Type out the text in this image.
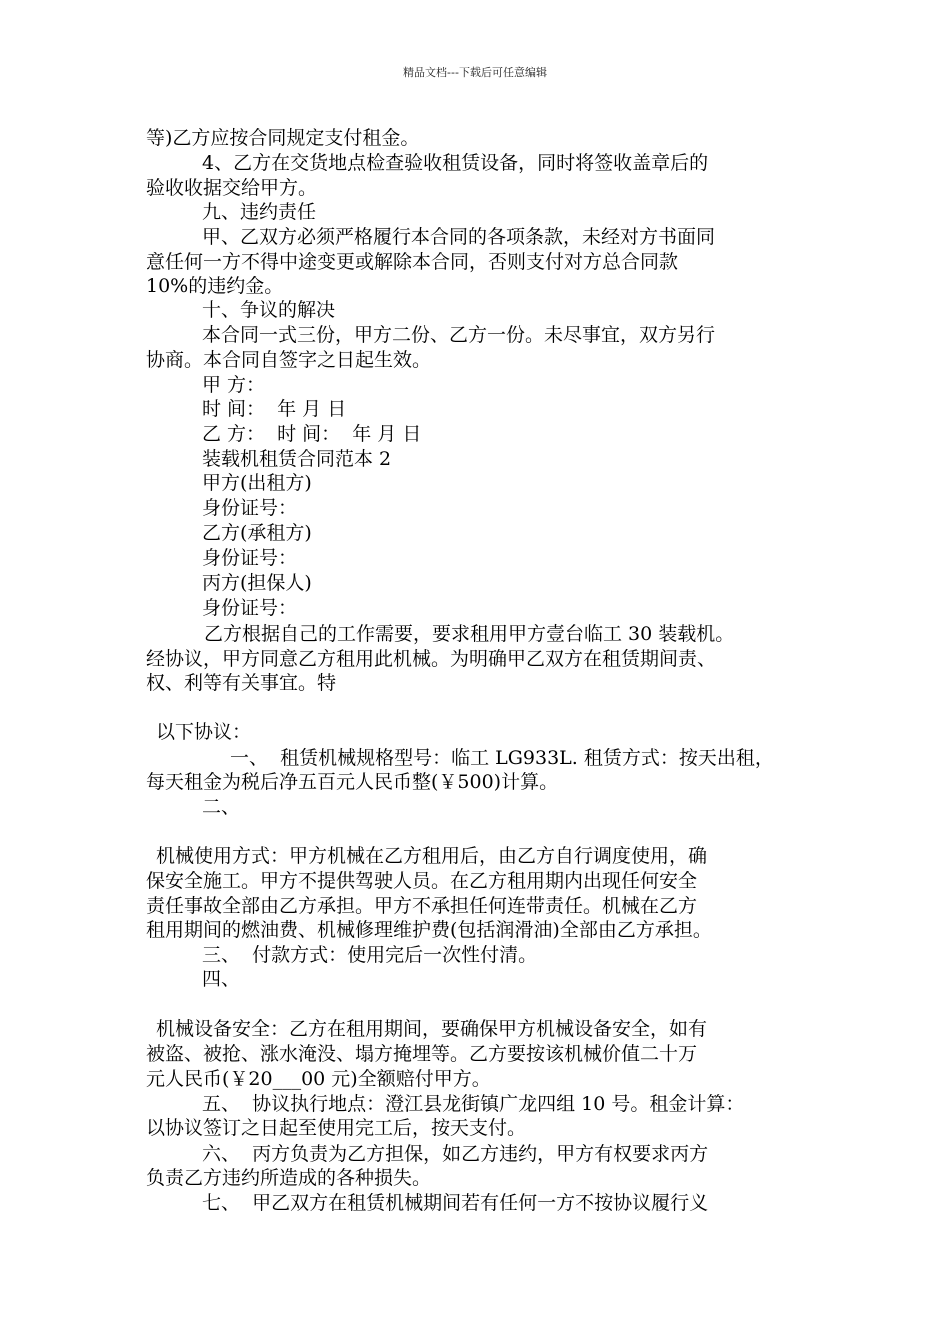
精品文档---下载后可任意编辑
等)乙方应按合同规定支付租金。
4、乙方在交货地点检查验收租赁设备，同时将签收盖章后的
验收收据交给甲方。
九、违约责任
甲、乙双方必须严格履行本合同的各项条款，未经对方书面同
意任何一方不得中途变更或解除本合同，否则支付对方总合同款
10%的违约金。
十、争议的解决
本合同一式三份，甲方二份、乙方一份。未尽事宜，双方另行
协商。本合同自签字之日起生效。
甲 方：
时 间：  年 月 日
乙 方：  时 间：  年 月 日
装载机租赁合同范本 2
甲方(出租方)
身份证号：
乙方(承租方)
身份证号：
丙方(担保人)
身份证号：
乙方根据自己的工作需要，要求租用甲方壹台临工 30 装载机。
经协议，甲方同意乙方租用此机械。为明确甲乙双方在租赁期间责、
权、利等有关事宜。特
以下协议：
一、  租赁机械规格型号：临工 LG933L. 租赁方式：按天出租，
每天租金为税后净五百元人民币整(￥500)计算。
二、
机械使用方式：甲方机械在乙方租用后，由乙方自行调度使用，确
保安全施工。甲方不提供驾驶人员。在乙方租用期内出现任何安全
责任事故全部由乙方承担。甲方不承担任何连带责任。机械在乙方
租用期间的燃油费、机械修理维护费(包括润滑油)全部由乙方承担。
三、  付款方式：使用完后一次性付清。
四、
机械设备安全：乙方在租用期间，要确保甲方机械设备安全，如有
被盗、被抢、涨水淹没、塌方掩埋等。乙方要按该机械价值二十万
元人民币(￥20___00 元)全额赔付甲方。
五、  协议执行地点：澄江县龙街镇广龙四组 10 号。租金计算：
以协议签订之日起至使用完工后，按天支付。
六、  丙方负责为乙方担保，如乙方违约，甲方有权要求丙方
负责乙方违约所造成的各种损失。
七、  甲乙双方在租赁机械期间若有任何一方不按协议履行义
